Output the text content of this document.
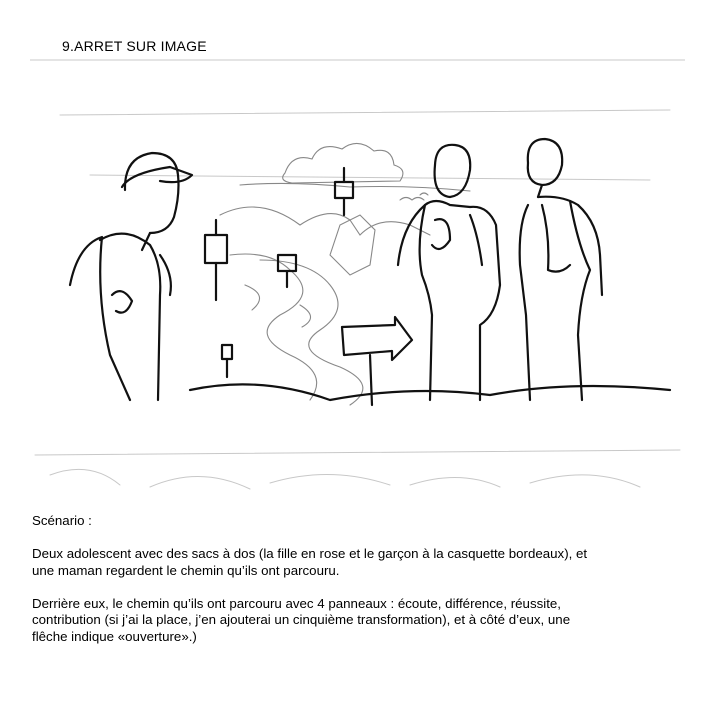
9.ARRET SUR IMAGE

Scénario :

Deux adolescent avec des sacs à dos (la fille en rose et le garçon à la casquette bordeaux), et

une maman regardent le chemin qu’ils ont parcouru.

Derrière eux, le chemin qu’ils ont parcouru avec 4 panneaux : écoute, différence, réussite,

contribution (si j’ai la place, j’en ajouterai un cinquième transformation), et à côté d’eux, une

flêche indique «ouverture».)
